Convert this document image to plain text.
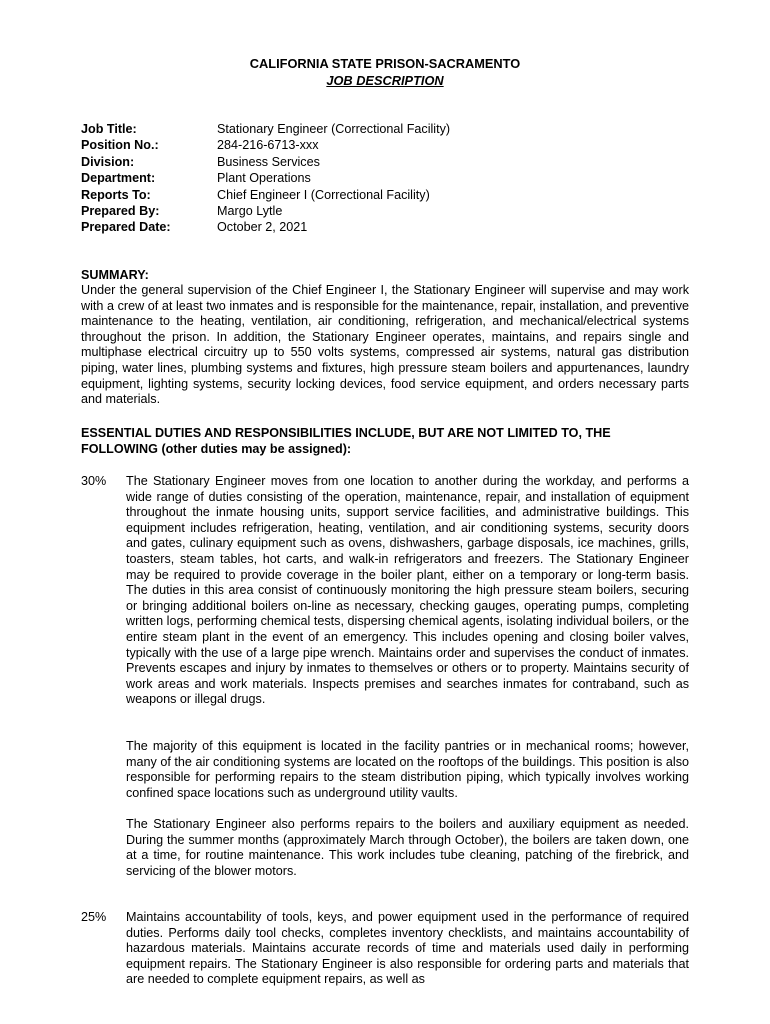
CALIFORNIA STATE PRISON-SACRAMENTO
JOB DESCRIPTION
Job Title:	Stationary Engineer (Correctional Facility)
Position No.:	284-216-6713-xxx
Division:	Business Services
Department:	Plant Operations
Reports To:	Chief Engineer I (Correctional Facility)
Prepared By:	Margo Lytle
Prepared Date:	October 2, 2021
SUMMARY:
Under the general supervision of the Chief Engineer I, the Stationary Engineer will supervise and may work with a crew of at least two inmates and is responsible for the maintenance, repair, installation, and preventive maintenance to the heating, ventilation, air conditioning, refrigeration, and mechanical/electrical systems throughout the prison. In addition, the Stationary Engineer operates, maintains, and repairs single and multiphase electrical circuitry up to 550 volts systems, compressed air systems, natural gas distribution piping, water lines, plumbing systems and fixtures, high pressure steam boilers and appurtenances, laundry equipment, lighting systems, security locking devices, food service equipment, and orders necessary parts and materials.
ESSENTIAL DUTIES AND RESPONSIBILITIES INCLUDE, BUT ARE NOT LIMITED TO, THE FOLLOWING (other duties may be assigned):
30% The Stationary Engineer moves from one location to another during the workday, and performs a wide range of duties consisting of the operation, maintenance, repair, and installation of equipment throughout the inmate housing units, support service facilities, and administrative buildings. This equipment includes refrigeration, heating, ventilation, and air conditioning systems, security doors and gates, culinary equipment such as ovens, dishwashers, garbage disposals, ice machines, grills, toasters, steam tables, hot carts, and walk-in refrigerators and freezers. The Stationary Engineer may be required to provide coverage in the boiler plant, either on a temporary or long-term basis. The duties in this area consist of continuously monitoring the high pressure steam boilers, securing or bringing additional boilers on-line as necessary, checking gauges, operating pumps, completing written logs, performing chemical tests, dispersing chemical agents, isolating individual boilers, or the entire steam plant in the event of an emergency. This includes opening and closing boiler valves, typically with the use of a large pipe wrench. Maintains order and supervises the conduct of inmates. Prevents escapes and injury by inmates to themselves or others or to property. Maintains security of work areas and work materials. Inspects premises and searches inmates for contraband, such as weapons or illegal drugs.
The majority of this equipment is located in the facility pantries or in mechanical rooms; however, many of the air conditioning systems are located on the rooftops of the buildings. This position is also responsible for performing repairs to the steam distribution piping, which typically involves working confined space locations such as underground utility vaults.
The Stationary Engineer also performs repairs to the boilers and auxiliary equipment as needed. During the summer months (approximately March through October), the boilers are taken down, one at a time, for routine maintenance. This work includes tube cleaning, patching of the firebrick, and servicing of the blower motors.
25% Maintains accountability of tools, keys, and power equipment used in the performance of required duties. Performs daily tool checks, completes inventory checklists, and maintains accountability of hazardous materials. Maintains accurate records of time and materials used daily in performing equipment repairs. The Stationary Engineer is also responsible for ordering parts and materials that are needed to complete equipment repairs, as well as
